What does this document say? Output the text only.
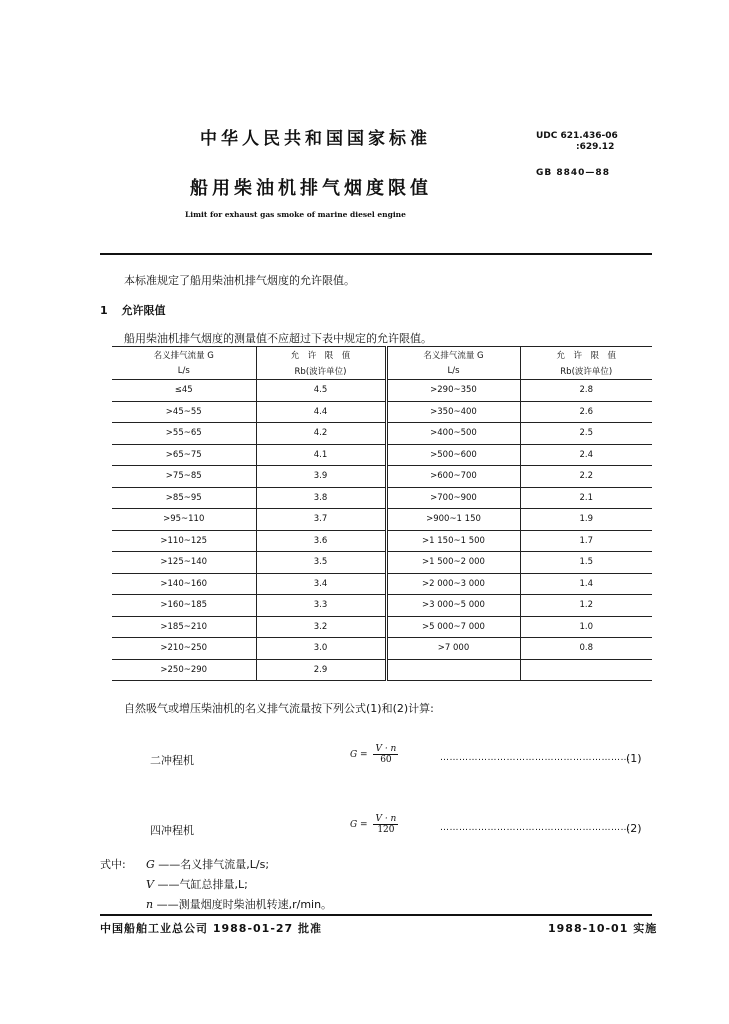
中华人民共和国国家标准	UDC 621.436-06
:629.12
GB 8840—88
船用柴油机排气烟度限值
Limit for exhaust gas smoke of marine diesel engine
本标准规定了船用柴油机排气烟度的允许限值。
1 允许限值
船用柴油机排气烟度的测量值不应超过下表中规定的允许限值。
名义排气流量 G	允　许　限　值	名义排气流量 G	允　许　限　值
L/s	Rb(波许单位)	L/s	Rb(波许单位)
≤45	4.5	>290~350	2.8
>45~55	4.4	>350~400	2.6
>55~65	4.2	>400~500	2.5
>65~75	4.1	>500~600	2.4
>75~85	3.9	>600~700	2.2
>85~95	3.8	>700~900	2.1
>95~110	3.7	>900~1 150	1.9
>110~125	3.6	>1 150~1 500	1.7
>125~140	3.5	>1 500~2 000	1.5
>140~160	3.4	>2 000~3 000	1.4
>160~185	3.3	>3 000~5 000	1.2
>185~210	3.2	>5 000~7 000	1.0
>210~250	3.0	>7 000	0.8
>250~290	2.9		
自然吸气或增压柴油机的名义排气流量按下列公式(1)和(2)计算:
二冲程机	$G = \frac{V \cdot n}{60}$	……………………………………………………
(1)
四冲程机	$G = \frac{V \cdot n}{120}$	……………………………………………………
(2)
式中: G ——名义排气流量,L/s;
V ——气缸总排量,L;
n ——测量烟度时柴油机转速,r/min。
中国船舶工业总公司 1988-01-27 批准	1988-10-01 实施
